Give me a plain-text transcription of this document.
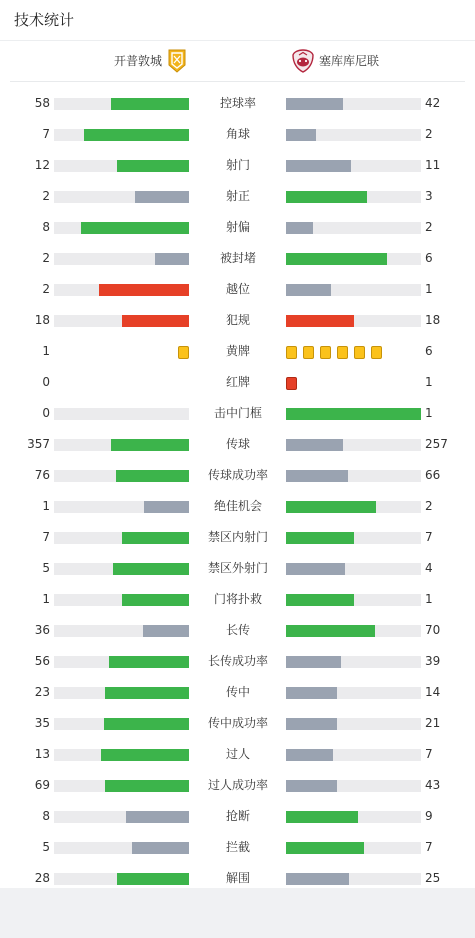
技术统计
开普敦城	塞库库尼联
58	控球率	42
7	角球	2
12	射门	11
2	射正	3
8	射偏	2
2	被封堵	6
2	越位	1
18	犯规	18
1	黄牌	6
0	红牌	1
0	击中门框	1
357	传球	257
76	传球成功率	66
1	绝佳机会	2
7	禁区内射门	7
5	禁区外射门	4
1	门将扑救	1
36	长传	70
56	长传成功率	39
23	传中	14
35	传中成功率	21
13	过人	7
69	过人成功率	43
8	抢断	9
5	拦截	7
28	解围	25
